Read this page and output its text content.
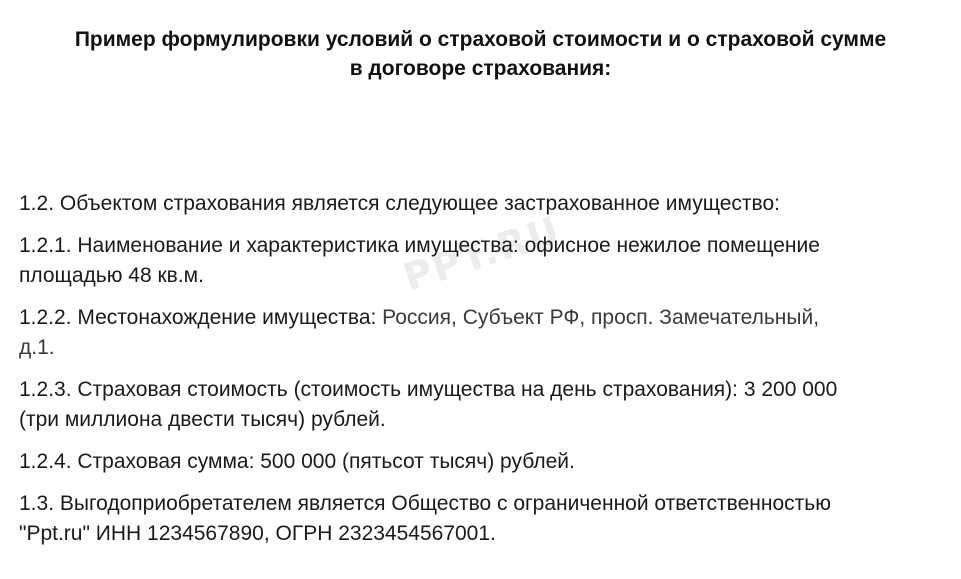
Пример формулировки условий о страховой стоимости и о страховой сумме
в договоре страхования:
PPT.RU
1.2. Объектом страхования является следующее застрахованное имущество:
1.2.1. Наименование и характеристика имущества: офисное нежилое помещение
площадью 48 кв.м.
1.2.2. Местонахождение имущества: Россия, Субъект РФ, просп. Замечательный,
д.1.
1.2.3. Страховая стоимость (стоимость имущества на день страхования): 3 200 000
(три миллиона двести тысяч) рублей.
1.2.4. Страховая сумма: 500 000 (пятьсот тысяч) рублей.
1.3. Выгодоприобретателем является Общество с ограниченной ответственностью
"Ppt.ru" ИНН 1234567890, ОГРН 2323454567001.
